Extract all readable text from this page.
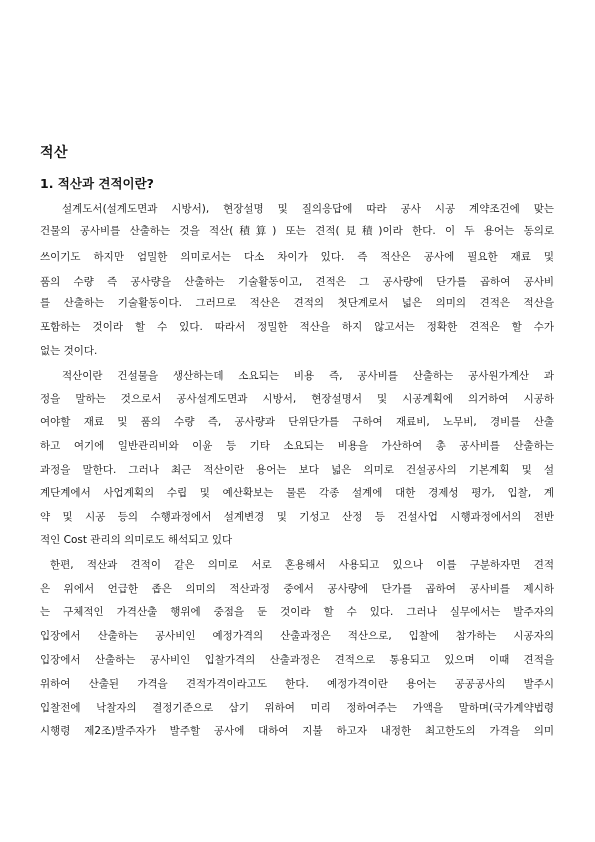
적산
1. 적산과 견적이란?
설계도서(설계도면과 시방서), 현장설명 및 질의응답에 따라 공사 시공 계약조건에 맞는
건물의 공사비를 산출하는 것을 적산(積算) 또는 견적(見積)이라 한다. 이 두 용어는 동의로
쓰이기도 하지만 엄밀한 의미로서는 다소 차이가 있다. 즉 적산은 공사에 필요한 재료 및
품의 수량 즉 공사량을 산출하는 기술활동이고, 견적은 그 공사량에 단가를 곱하여 공사비
를 산출하는 기술활동이다. 그러므로 적산은 견적의 첫단계로서 넓은 의미의 견적은 적산을
포함하는 것이라 할 수 있다. 따라서 정밀한 적산을 하지 않고서는 정확한 견적은 할 수가
없는 것이다.
적산이란 건설물을 생산하는데 소요되는 비용 즉, 공사비를 산출하는 공사원가계산 과
정을 말하는 것으로서 공사설계도면과 시방서, 현장설명서 및 시공계획에 의거하여 시공하
여야할 재료 및 품의 수량 즉, 공사량과 단위단가를 구하여 재료비, 노무비, 경비를 산출
하고 여기에 일반관리비와 이윤 등 기타 소요되는 비용을 가산하여 총 공사비를 산출하는
과정을 말한다. 그러나 최근 적산이란 용어는 보다 넓은 의미로 건설공사의 기본계획 및 설
계단계에서 사업계획의 수립 및 예산확보는 물론 각종 설계에 대한 경제성 평가, 입찰, 계
약 및 시공 등의 수행과정에서 설계변경 및 기성고 산정 등 건설사업 시행과정에서의 전반
적인 Cost 관리의 의미로도 해석되고 있다
한편, 적산과 견적이 같은 의미로 서로 혼용해서 사용되고 있으나 이를 구분하자면 견적
은 위에서 언급한 좁은 의미의 적산과정 중에서 공사량에 단가를 곱하여 공사비를 제시하
는 구체적인 가격산출 행위에 중점을 둔 것이라 할 수 있다. 그러나 실무에서는 발주자의
입장에서 산출하는 공사비인 예정가격의 산출과정은 적산으로, 입찰에 참가하는 시공자의
입장에서 산출하는 공사비인 입찰가격의 산출과정은 견적으로 통용되고 있으며 이때 견적을
위하여 산출된 가격을 견적가격이라고도 한다. 예정가격이란 용어는 공공공사의 발주시
입찰전에 낙찰자의 결정기준으로 삼기 위하여 미리 정하여주는 가액을 말하며(국가계약법령
시행령 제2조)발주자가 발주할 공사에 대하여 지불 하고자 내정한 최고한도의 가격을 의미
